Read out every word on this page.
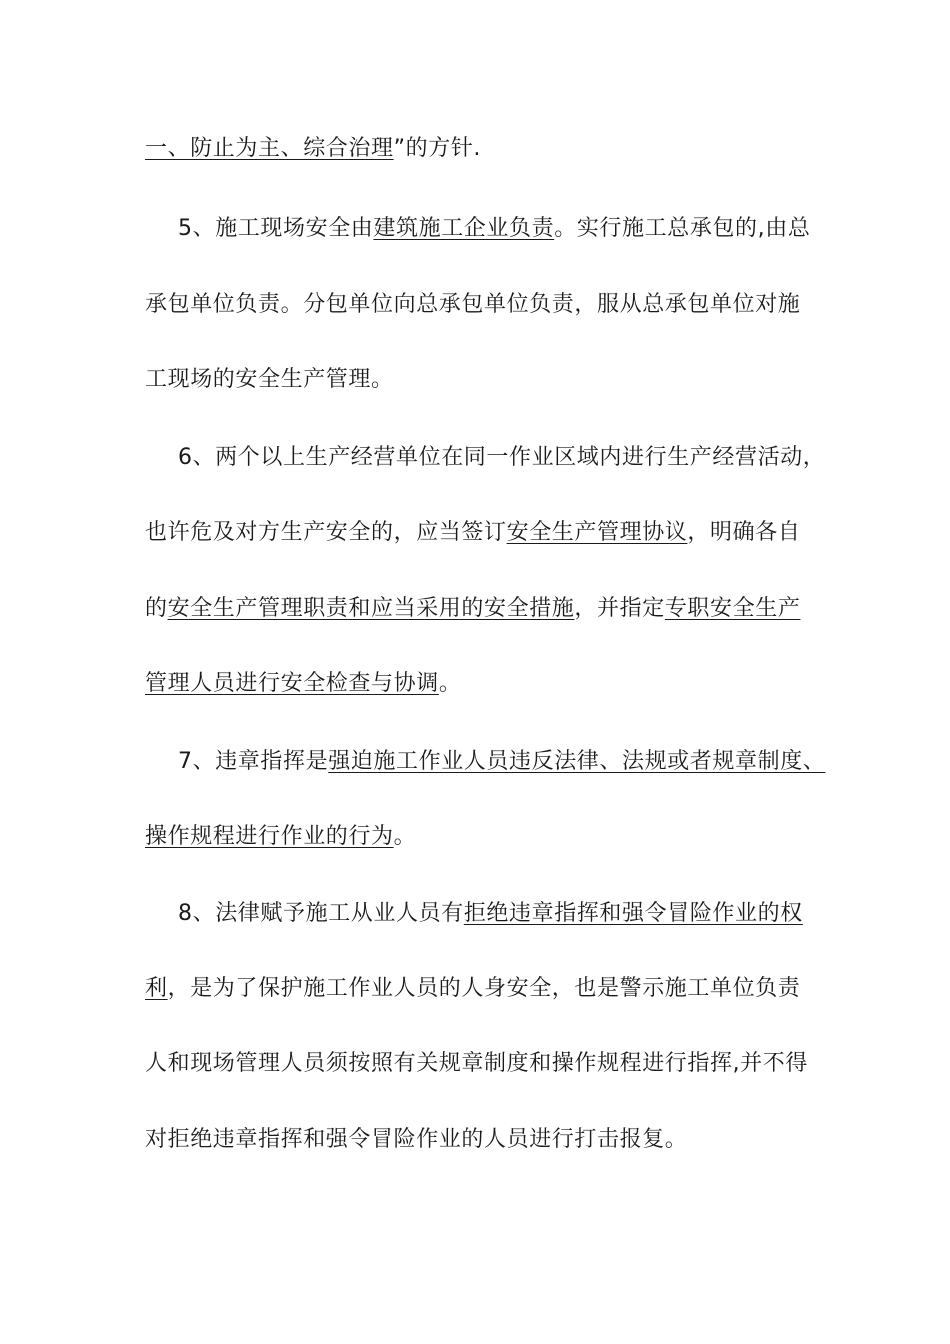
一、防止为主、综合治理”的方针.
5、施工现场安全由建筑施工企业负责。实行施工总承包的,由总
承包单位负责。分包单位向总承包单位负责，服从总承包单位对施
工现场的安全生产管理。
6、两个以上生产经营单位在同一作业区域内进行生产经营活动，
也许危及对方生产安全的，应当签订安全生产管理协议，明确各自
的安全生产管理职责和应当采用的安全措施，并指定专职安全生产
管理人员进行安全检查与协调。
7、违章指挥是强迫施工作业人员违反法律、法规或者规章制度、
操作规程进行作业的行为。
8、法律赋予施工从业人员有拒绝违章指挥和强令冒险作业的权
利，是为了保护施工作业人员的人身安全，也是警示施工单位负责
人和现场管理人员须按照有关规章制度和操作规程进行指挥,并不得
对拒绝违章指挥和强令冒险作业的人员进行打击报复。
